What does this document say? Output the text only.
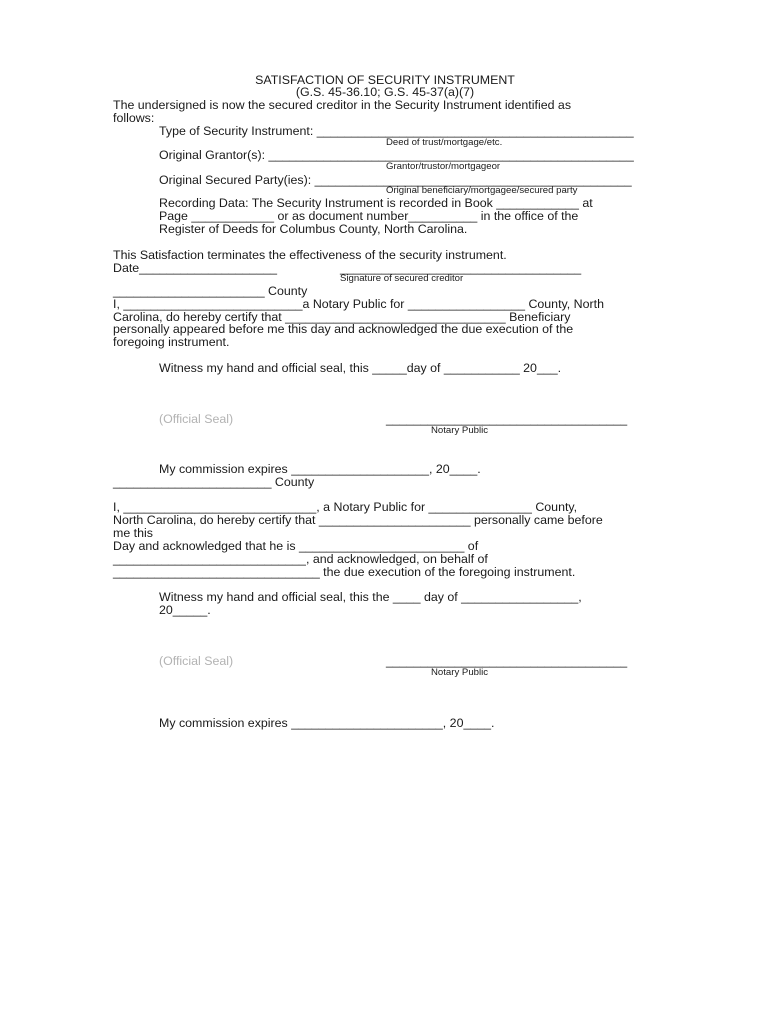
SATISFACTION OF SECURITY INSTRUMENT
(G.S. 45-36.10; G.S. 45-37(a)(7)
The undersigned is now the secured creditor in the Security Instrument identified as
follows:
Type of Security Instrument: ______________________________________________
Deed of trust/mortgage/etc.
Original Grantor(s): _____________________________________________________
Grantor/trustor/mortgageor
Original Secured Party(ies): ______________________________________________
Original beneficiary/mortgagee/secured party
Recording Data: The Security Instrument is recorded in Book ____________ at
Page ____________ or as document number__________ in the office of the
Register of Deeds for Columbus County, North Carolina.
This Satisfaction terminates the effectiveness of the security instrument.
Date____________________	___________________________________
Signature of secured creditor
______________________ County
I, __________________________a Notary Public for _________________ County, North
Carolina, do hereby certify that ________________________________ Beneficiary
personally appeared before me this day and acknowledged the due execution of the
foregoing instrument.
Witness my hand and official seal, this _____day of ___________ 20___.
(Official Seal)	___________________________________
Notary Public
My commission expires ____________________, 20____.
_______________________ County
I, ____________________________, a Notary Public for _______________ County,
North Carolina, do hereby certify that ______________________ personally came before
me this
Day and acknowledged that he is ________________________ of
____________________________, and acknowledged, on behalf of
______________________________ the due execution of the foregoing instrument.
Witness my hand and official seal, this the ____ day of _________________,
20_____.
(Official Seal)	___________________________________
Notary Public
My commission expires ______________________, 20____.
